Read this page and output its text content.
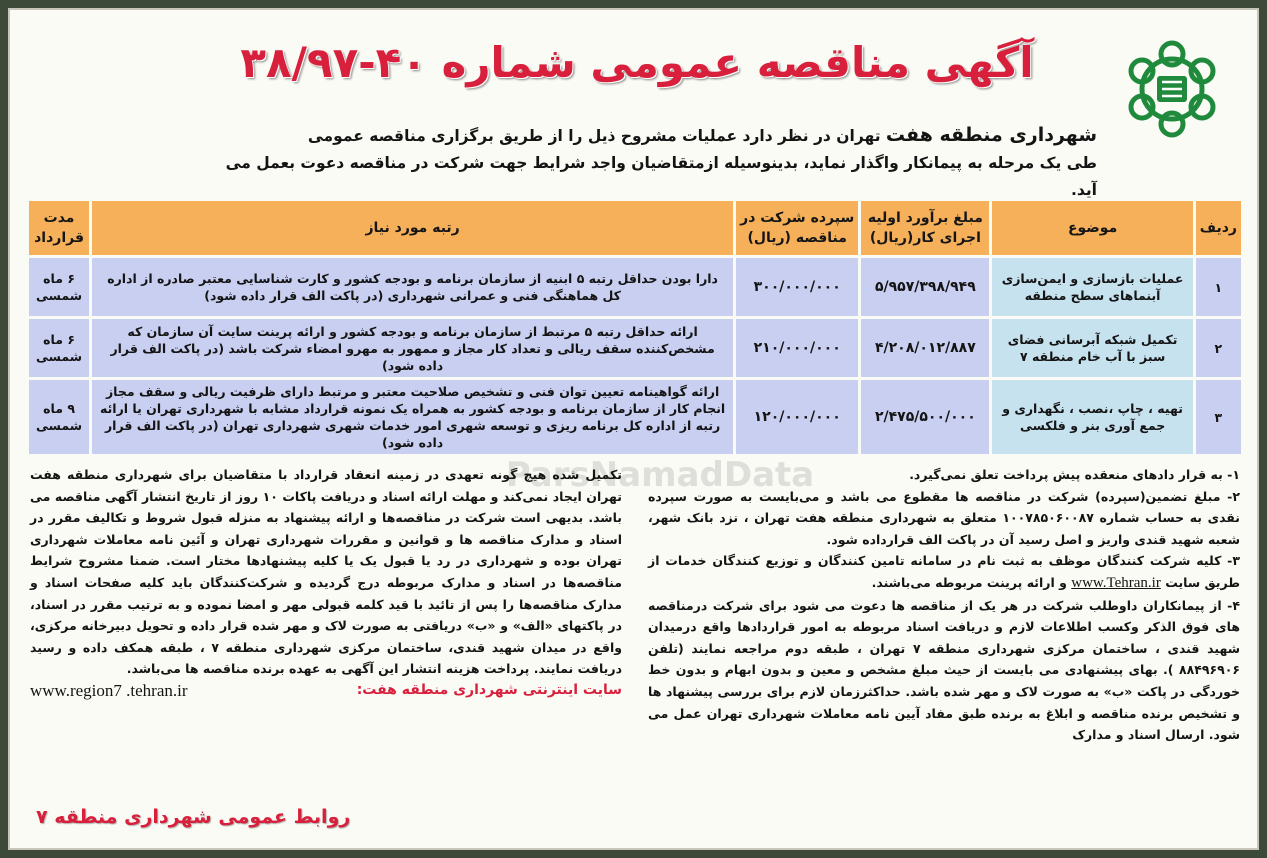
آگهی مناقصه عمومی شماره ۴۰-۳۸/۹۷
شهرداری منطقه هفت تهران در نظر دارد عملیات مشروح ذیل را از طریق برگزاری مناقصه عمومی
طی یک مرحله به پیمانکار واگذار نماید، بدینوسیله ازمتقاضیان واجد شرایط جهت شرکت در مناقصه دعوت بعمل می آید.
ردیف	موضوع	مبلغ برآورد اولیه اجرای کار(ریال)	سپرده شرکت در مناقصه (ریال)	رتبه مورد نیاز	مدت قرارداد
۱	عملیات بازسازی و ایمن‌سازی آبنماهای سطح منطقه	۵/۹۵۷/۳۹۸/۹۴۹	۳۰۰/۰۰۰/۰۰۰	دارا بودن حداقل رتبه ۵ ابنیه از سازمان برنامه و بودجه کشور و کارت شناسایی معتبر صادره از اداره کل هماهنگی فنی و عمرانی شهرداری (در پاکت الف قرار داده شود)	۶ ماه شمسی
۲	تکمیل شبکه آبرسانی فضای سبز با آب خام منطقه ۷	۴/۲۰۸/۰۱۲/۸۸۷	۲۱۰/۰۰۰/۰۰۰	ارائه حداقل رتبه ۵ مرتبط از سازمان برنامه و بودجه کشور و ارائه پرینت سایت آن سازمان که مشخص‌کننده سقف ریالی و تعداد کار مجاز و ممهور به مهرو امضاء شرکت باشد (در پاکت الف قرار داده شود)	۶ ماه شمسی
۳	تهیه ، چاپ ،نصب ، نگهداری و جمع آوری بنر و فلکسی	۲/۴۷۵/۵۰۰/۰۰۰	۱۲۰/۰۰۰/۰۰۰	ارائه گواهینامه تعیین توان فنی و تشخیص صلاحیت معتبر و مرتبط دارای ظرفیت ریالی و سقف مجاز انجام کار از سازمان برنامه و بودجه کشور به همراه یک نمونه قرارداد مشابه با شهرداری تهران یا ارائه رتبه از اداره کل برنامه ریزی و توسعه شهری امور خدمات شهری شهرداری تهران (در پاکت الف قرار داده شود)	۹ ماه شمسی
ParsNamadData	۱- به قرار دادهای منعقده پیش پرداخت تعلق نمی‌گیرد.

۲- مبلغ تضمین(سپرده) شرکت در مناقصه ها مقطوع می باشد و می‌بایست به صورت سپرده نقدی به حساب شماره ۱۰۰۷۸۵۰۶۰۰۸۷ متعلق به شهرداری منطقه هفت تهران ، نزد بانک شهر، شعبه شهید قندی واریز و اصل رسید آن در پاکت الف قرارداده شود.

۳- کلیه شرکت کنندگان موظف به ثبت نام در سامانه تامین کنندگان و توزیع کنندگان خدمات از طریق سایت www.Tehran.ir و ارائه پرینت مربوطه می‌باشند.

۴- از پیمانکاران داوطلب شرکت در هر یک از مناقصه ها دعوت می شود برای شرکت درمناقصه های فوق الذکر وکسب اطلاعات لازم و دریافت اسناد مربوطه به امور قراردادها واقع درمیدان شهید قندی ، ساختمان مرکزی شهرداری منطقه ۷ تهران ، طبقه دوم مراجعه نمایند (تلفن ۸۸۴۹۶۹۰۶ ). بهای پیشنهادی می بایست از حیث مبلغ مشخص و معین و بدون ابهام و بدون خط خوردگی در پاکت «ب» به صورت لاک و مهر شده باشد. حداکثرزمان لازم برای بررسی پیشنهاد ها و تشخیص برنده مناقصه و ابلاغ به برنده طبق مفاد آیین نامه معاملات شهرداری تهران عمل می شود. ارسال اسناد و مدارک

تکمیل شده هیچ گونه تعهدی در زمینه انعقاد قرارداد با متقاضیان برای شهرداری منطقه هفت تهران ایجاد نمی‌کند و مهلت ارائه اسناد و دریافت پاکات ۱۰ روز از تاریخ انتشار آگهی مناقصه می باشد. بدیهی است شرکت در مناقصه‌ها و ارائه پیشنهاد به منزله قبول شروط و تکالیف مقرر در اسناد و مدارک مناقصه ها و قوانین و مقررات شهرداری تهران و آئین نامه معاملات شهرداری تهران بوده و شهرداری در رد یا قبول یک یا کلیه پیشنهادها مختار است. ضمنا مشروح شرایط مناقصه‌ها در اسناد و مدارک مربوطه درج گردیده و شرکت‌کنندگان باید کلیه صفحات اسناد و مدارک مناقصه‌ها را پس از تائید با قید کلمه قبولی مهر و امضا نموده و به ترتیب مقرر در اسناد، در پاکتهای «الف» و «ب» دریافتی به صورت لاک و مهر شده قرار داده و تحویل دبیرخانه مرکزی، واقع در میدان شهید قندی، ساختمان مرکزی شهرداری منطقه ۷ ، طبقه همکف داده و رسید دریافت نمایند. پرداخت هزینه انتشار این آگهی به عهده برنده مناقصه ها می‌باشد.

سایت اینترنتی شهرداری منطقه هفت:
www.region7 .tehran.ir
روابط عمومی شهرداری منطقه ۷
